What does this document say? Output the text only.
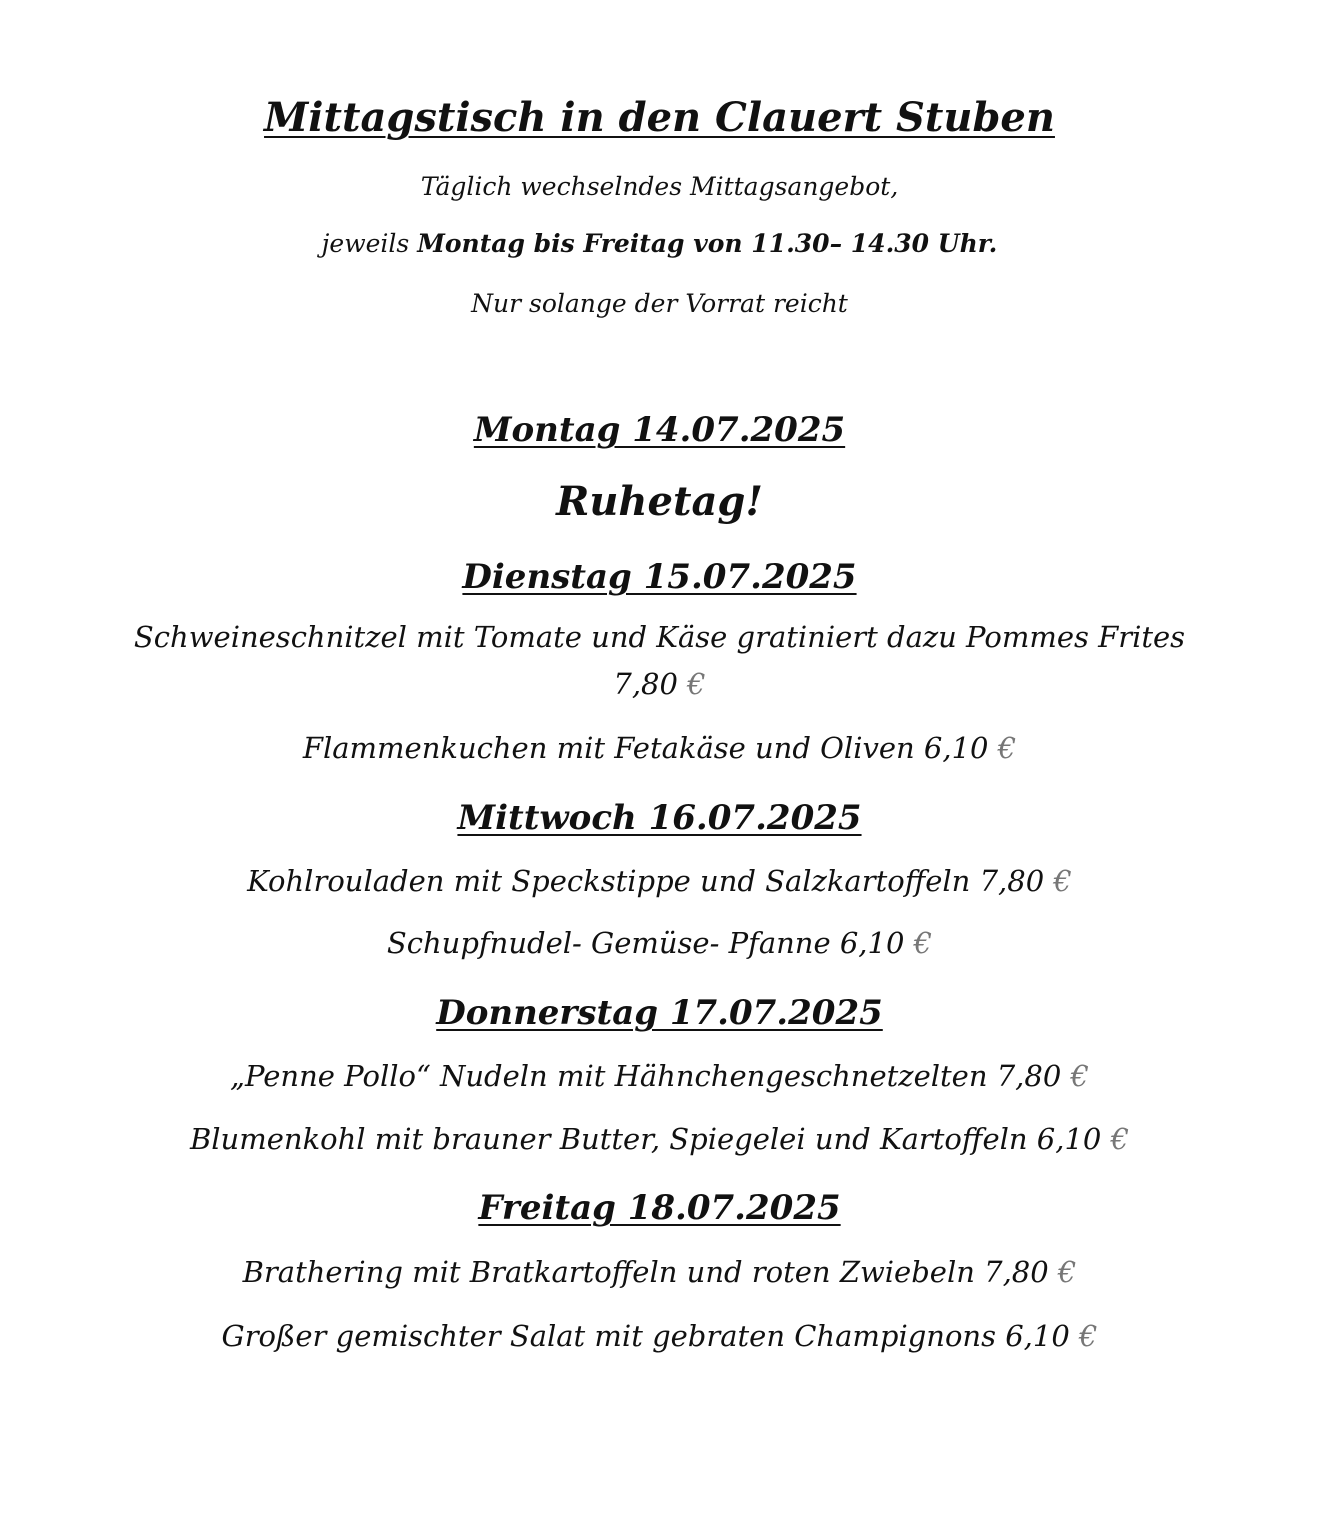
Mittagstisch in den Clauert Stuben

Täglich wechselndes Mittagsangebot,

jeweils Montag bis Freitag von 11.30– 14.30 Uhr.

Nur solange der Vorrat reicht

Montag 14.07.2025

Ruhetag!

Dienstag 15.07.2025

Schweineschnitzel mit Tomate und Käse gratiniert dazu Pommes Frites

7,80 €

Flammenkuchen mit Fetakäse und Oliven 6,10 €

Mittwoch 16.07.2025

Kohlrouladen mit Speckstippe und Salzkartoffeln 7,80 €

Schupfnudel- Gemüse- Pfanne 6,10 €

Donnerstag 17.07.2025

„Penne Pollo“ Nudeln mit Hähnchengeschnetzelten 7,80 €

Blumenkohl mit brauner Butter, Spiegelei und Kartoffeln 6,10 €

Freitag 18.07.2025

Brathering mit Bratkartoffeln und roten Zwiebeln 7,80 €

Großer gemischter Salat mit gebraten Champignons 6,10 €
